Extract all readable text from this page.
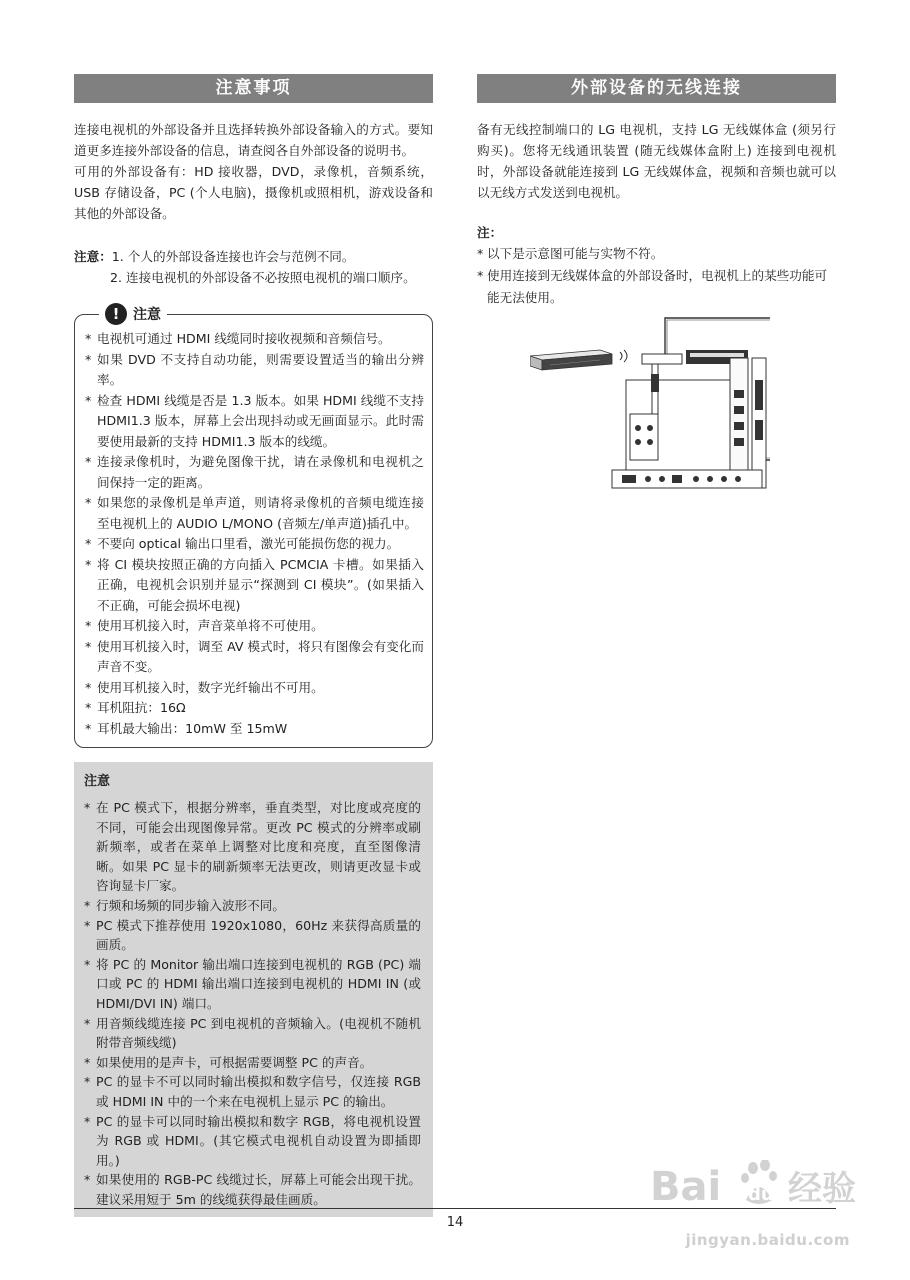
注意事项

连接电视机的外部设备并且选择转换外部设备输入的方式。要知道更多连接外部设备的信息，请查阅各自外部设备的说明书。

可用的外部设备有：HD 接收器，DVD，录像机，音频系统，USB 存储设备，PC (个人电脑)，摄像机或照相机，游戏设备和其他的外部设备。

注意：1. 个人的外部设备连接也许会与范例不同。
2. 连接电视机的外部设备不必按照电视机的端口顺序。
! 注意
* 电视机可通过 HDMI 线缆同时接收视频和音频信号。
* 如果 DVD 不支持自动功能，则需要设置适当的输出分辨率。
* 检查 HDMI 线缆是否是 1.3 版本。如果 HDMI 线缆不支持 HDMI1.3 版本，屏幕上会出现抖动或无画面显示。此时需要使用最新的支持 HDMI1.3 版本的线缆。
* 连接录像机时，为避免图像干扰，请在录像机和电视机之间保持一定的距离。
* 如果您的录像机是单声道，则请将录像机的音频电缆连接至电视机上的 AUDIO L/MONO (音频左/单声道)插孔中。
* 不要向 optical 输出口里看，激光可能损伤您的视力。
* 将 CI 模块按照正确的方向插入 PCMCIA 卡槽。如果插入正确，电视机会识别并显示“探测到 CI 模块”。(如果插入不正确，可能会损坏电视)
* 使用耳机接入时，声音菜单将不可使用。
* 使用耳机接入时，调至 AV 模式时，将只有图像会有变化而声音不变。
* 使用耳机接入时，数字光纤输出不可用。
* 耳机阻抗：16Ω
* 耳机最大输出：10mW 至 15mW
注意
* 在 PC 模式下，根据分辨率，垂直类型，对比度或亮度的不同，可能会出现图像异常。更改 PC 模式的分辨率或刷新频率，或者在菜单上调整对比度和亮度，直至图像清晰。如果 PC 显卡的刷新频率无法更改，则请更改显卡或咨询显卡厂家。
* 行频和场频的同步输入波形不同。
* PC 模式下推荐使用 1920x1080，60Hz 来获得高质量的画质。
* 将 PC 的 Monitor 输出端口连接到电视机的 RGB (PC) 端口或 PC 的 HDMI 输出端口连接到电视机的 HDMI IN (或 HDMI/DVI IN) 端口。
* 用音频线缆连接 PC 到电视机的音频输入。(电视机不随机附带音频线缆)
* 如果使用的是声卡，可根据需要调整 PC 的声音。
* PC 的显卡不可以同时输出模拟和数字信号，仅连接 RGB 或 HDMI IN 中的一个来在电视机上显示 PC 的输出。
* PC 的显卡可以同时输出模拟和数字 RGB，将电视机设置为 RGB 或 HDMI。(其它模式电视机自动设置为即插即用。)
* 如果使用的 RGB-PC 线缆过长，屏幕上可能会出现干扰。建议采用短于 5m 的线缆获得最佳画质。
外部设备的无线连接
备有无线控制端口的 LG 电视机，支持 LG 无线媒体盒 (须另行购买)。您将无线通讯装置 (随无线媒体盒附上) 连接到电视机时，外部设备就能连接到 LG 无线媒体盒，视频和音频也就可以以无线方式发送到电视机。
注：
* 以下是示意图可能与实物不符。
* 使用连接到无线媒体盒的外部设备时，电视机上的某些功能可能无法使用。
14
Bai du 经验
jingyan.baidu.com
